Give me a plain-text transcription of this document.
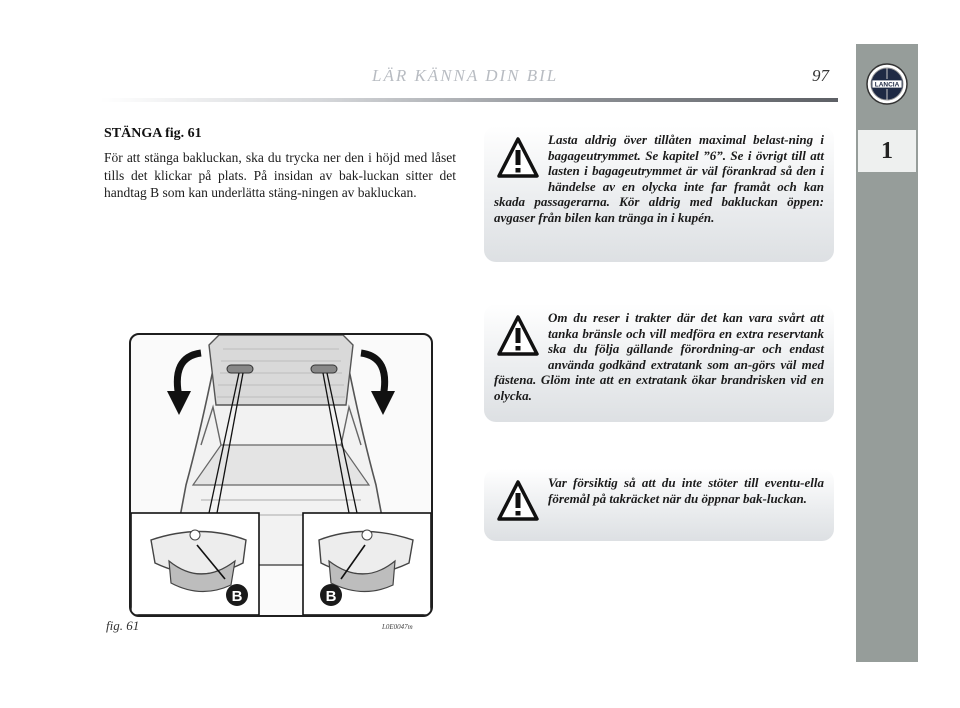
LÄR KÄNNA DIN BIL	97	LANCIA
1
STÄNGA fig. 61
För att stänga bakluckan, ska du trycka ner den i höjd med låset tills det klickar på plats. På insidan av bak-luckan sitter det handtag B som kan underlätta stäng-ningen av bakluckan.
Lasta aldrig över tillåten maximal belast-ning i bagageutrymmet. Se kapitel ”6”. Se i övrigt till att lasten i bagageutrymmet är väl förankrad så den i händelse av en olycka inte far framåt och kan skada passagerarna. Kör aldrig med bakluckan öppen: avgaser från bilen kan tränga in i kupén.
Om du reser i trakter där det kan vara svårt att tanka bränsle och vill medföra en extra reservtank ska du följa gällande förordning-ar och endast använda godkänd extratank som an-görs väl med fästena. Glöm inte att en extratank ökar brandrisken vid en olycka.
Var försiktig så att du inte stöter till eventu-ella föremål på takräcket när du öppnar bak-luckan.
B	B
fig. 61	L0E0047m
